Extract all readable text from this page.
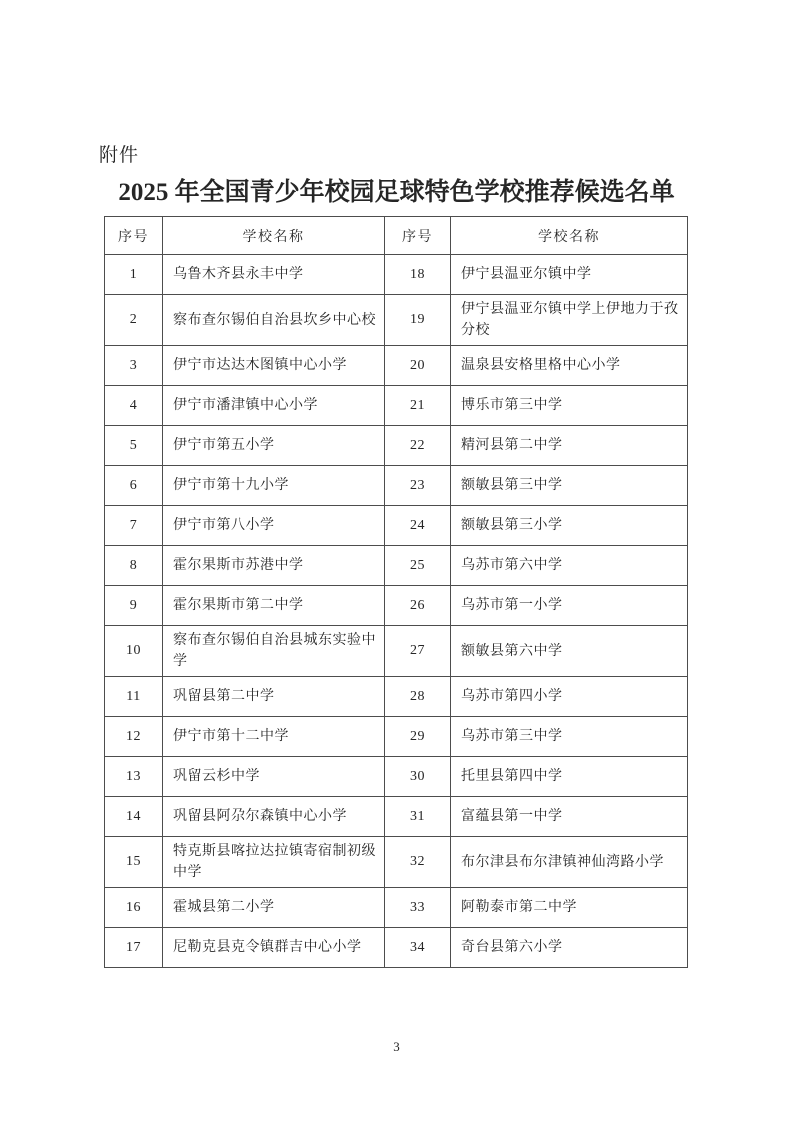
附件
2025 年全国青少年校园足球特色学校推荐候选名单
序号	学校名称	序号	学校名称
1	乌鲁木齐县永丰中学	18	伊宁县温亚尔镇中学
2	察布查尔锡伯自治县坎乡中心校	19	伊宁县温亚尔镇中学上伊地力于孜分校
3	伊宁市达达木图镇中心小学	20	温泉县安格里格中心小学
4	伊宁市潘津镇中心小学	21	博乐市第三中学
5	伊宁市第五小学	22	精河县第二中学
6	伊宁市第十九小学	23	额敏县第三中学
7	伊宁市第八小学	24	额敏县第三小学
8	霍尔果斯市苏港中学	25	乌苏市第六中学
9	霍尔果斯市第二中学	26	乌苏市第一小学
10	察布查尔锡伯自治县城东实验中学	27	额敏县第六中学
11	巩留县第二中学	28	乌苏市第四小学
12	伊宁市第十二中学	29	乌苏市第三中学
13	巩留云杉中学	30	托里县第四中学
14	巩留县阿尕尔森镇中心小学	31	富蕴县第一中学
15	特克斯县喀拉达拉镇寄宿制初级中学	32	布尔津县布尔津镇神仙湾路小学
16	霍城县第二小学	33	阿勒泰市第二中学
17	尼勒克县克令镇群吉中心小学	34	奇台县第六小学
3
